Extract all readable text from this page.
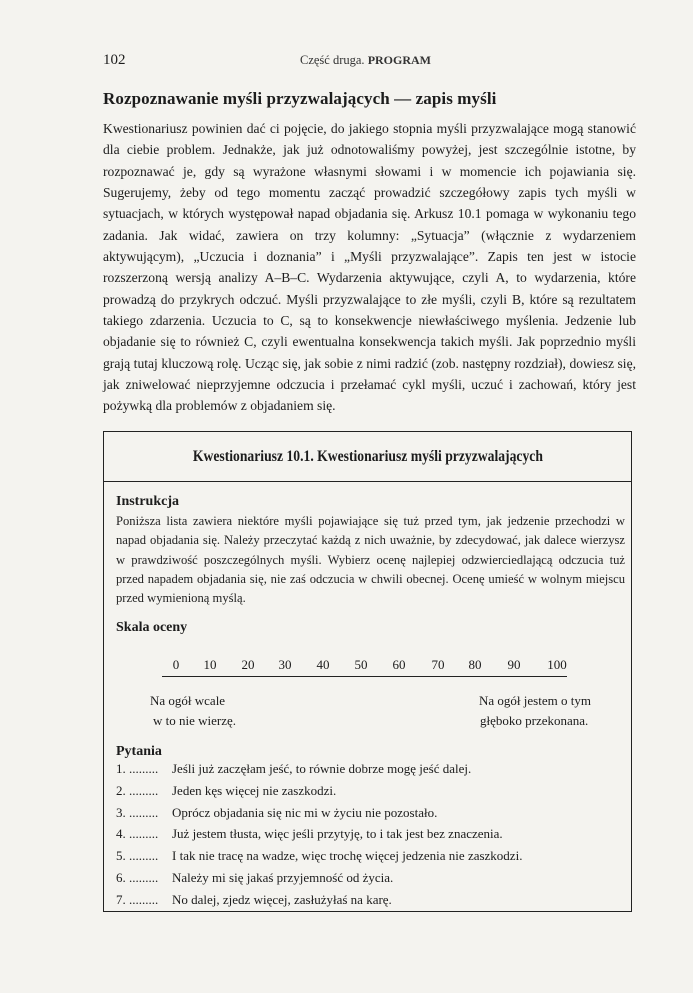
102	Część druga. PROGRAM
Rozpoznawanie myśli przyzwalających — zapis myśli

Kwestionariusz powinien dać ci pojęcie, do jakiego stopnia myśli przyzwalające mogą stanowić dla ciebie problem. Jednakże, jak już odnotowaliśmy powyżej, jest szczególnie istotne, by rozpoznawać je, gdy są wyrażone własnymi słowami i w momencie ich pojawiania się. Sugerujemy, żeby od tego momentu zacząć prowadzić szczegółowy zapis tych myśli w sytuacjach, w których występował napad objadania się. Arkusz 10.1 pomaga w wykonaniu tego zadania. Jak widać, zawiera on trzy kolumny: „Sytuacja” (włącznie z wydarzeniem aktywującym), „Uczucia i doznania” i „Myśli przyzwalające”. Zapis ten jest w istocie rozszerzoną wersją analizy A–B–C. Wydarzenia aktywujące, czyli A, to wydarzenia, które prowadzą do przykrych odczuć. Myśli przyzwalające to złe myśli, czyli B, które są rezultatem takiego zdarzenia. Uczucia to C, są to konsekwencje niewłaściwego myślenia. Jedzenie lub objadanie się to również C, czyli ewentualna konsekwencja takich myśli. Jak poprzednio myśli grają tutaj kluczową rolę. Ucząc się, jak sobie z nimi radzić (zob. następny rozdział), dowiesz się, jak zniwelować nieprzyjemne odczucia i przełamać cykl myśli, uczuć i zachowań, który jest pożywką dla problemów z objadaniem się.

Kwestionariusz 10.1. Kwestionariusz myśli przyzwalających
Instrukcja

Poniższa lista zawiera niektóre myśli pojawiające się tuż przed tym, jak jedzenie przechodzi w napad objadania się. Należy przeczytać każdą z nich uważnie, by zdecydować, jak dalece wierzysz w prawdziwość poszczególnych myśli. Wybierz ocenę najlepiej odzwierciedlającą odczucia tuż przed napadem objadania się, nie zaś odczucia w chwili obecnej. Ocenę umieść w wolnym miejscu przed wymienioną myślą.

Skala oceny
0 10 20 30 40 50 60 70 80 90 100
Na ogół wcale
w to nie wierzę.
Na ogół jestem o tym
głęboko przekonana.
Pytania
1. .........	Jeśli już zaczęłam jeść, to równie dobrze mogę jeść dalej.
2. .........	Jeden kęs więcej nie zaszkodzi.
3. .........	Oprócz objadania się nic mi w życiu nie pozostało.
4. .........	Już jestem tłusta, więc jeśli przytyję, to i tak jest bez znaczenia.
5. .........	I tak nie tracę na wadze, więc trochę więcej jedzenia nie zaszkodzi.
6. .........	Należy mi się jakaś przyjemność od życia.
7. .........	No dalej, zjedz więcej, zasłużyłaś na karę.
